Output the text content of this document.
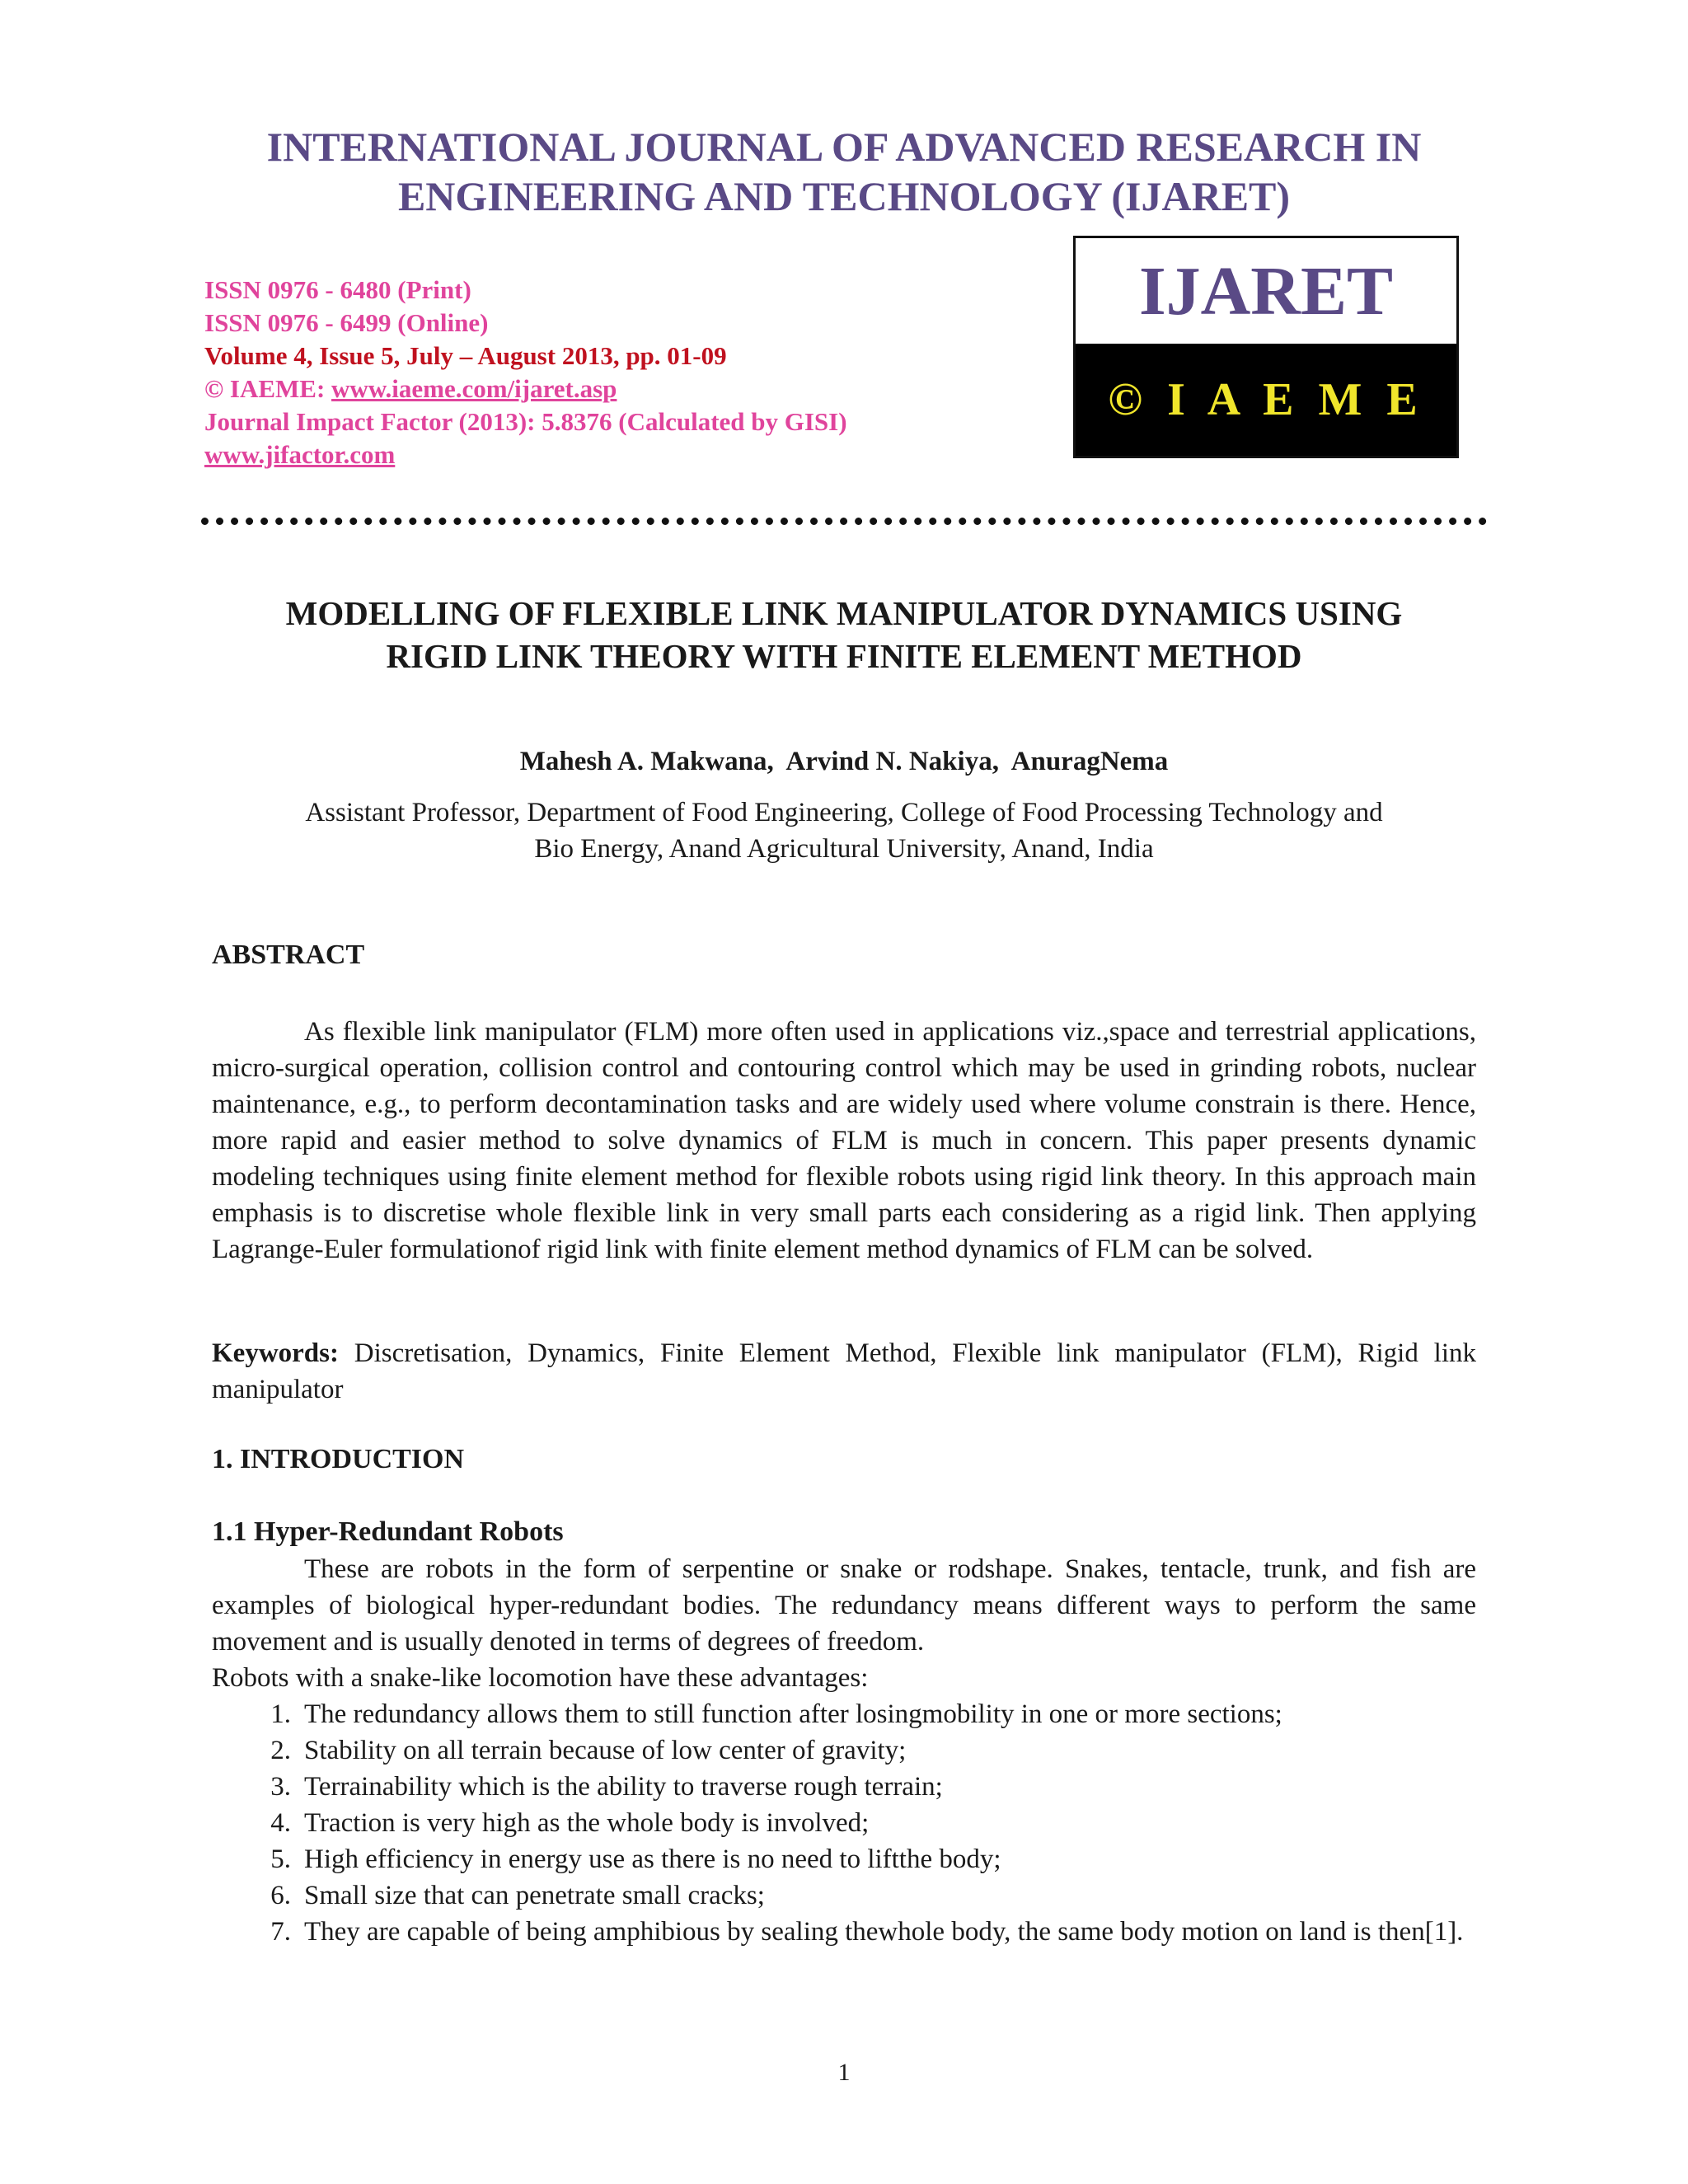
INTERNATIONAL JOURNAL OF ADVANCED RESEARCH IN
ENGINEERING AND TECHNOLOGY (IJARET)
ISSN 0976 - 6480 (Print)
ISSN 0976 - 6499 (Online)
Volume 4, Issue 5, July – August 2013, pp. 01-09
© IAEME: www.iaeme.com/ijaret.asp
Journal Impact Factor (2013): 5.8376 (Calculated by GISI)
www.jifactor.com
IJARET
© I A E M E
MODELLING OF FLEXIBLE LINK MANIPULATOR DYNAMICS USING
RIGID LINK THEORY WITH FINITE ELEMENT METHOD
Mahesh A. Makwana,  Arvind N. Nakiya,  AnuragNema
Assistant Professor, Department of Food Engineering, College of Food Processing Technology and
Bio Energy, Anand Agricultural University, Anand, India
ABSTRACT
As flexible link manipulator (FLM) more often used in applications viz.,space and terrestrial applications, micro-surgical operation, collision control and contouring control which may be used in grinding robots, nuclear maintenance, e.g., to perform decontamination tasks and are widely used where volume constrain is there. Hence, more rapid and easier method to solve dynamics of FLM is much in concern. This paper presents dynamic modeling techniques using finite element method for flexible robots using rigid link theory. In this approach main emphasis is to discretise whole flexible link in very small parts each considering as a rigid link. Then applying Lagrange-Euler formulationof rigid link with finite element method dynamics of FLM can be solved.
Keywords: Discretisation, Dynamics, Finite Element Method, Flexible link manipulator (FLM), Rigid link manipulator
1. INTRODUCTION
1.1 Hyper-Redundant Robots
These are robots in the form of serpentine or snake or rodshape. Snakes, tentacle, trunk, and fish are examples of biological hyper-redundant bodies. The redundancy means different ways to perform the same movement and is usually denoted in terms of degrees of freedom.
Robots with a snake-like locomotion have these advantages:
1. The redundancy allows them to still function after losingmobility in one or more sections;
2. Stability on all terrain because of low center of gravity;
3. Terrainability which is the ability to traverse rough terrain;
4. Traction is very high as the whole body is involved;
5. High efficiency in energy use as there is no need to liftthe body;
6. Small size that can penetrate small cracks;
7. They are capable of being amphibious by sealing thewhole body, the same body motion on land is then[1].
1
